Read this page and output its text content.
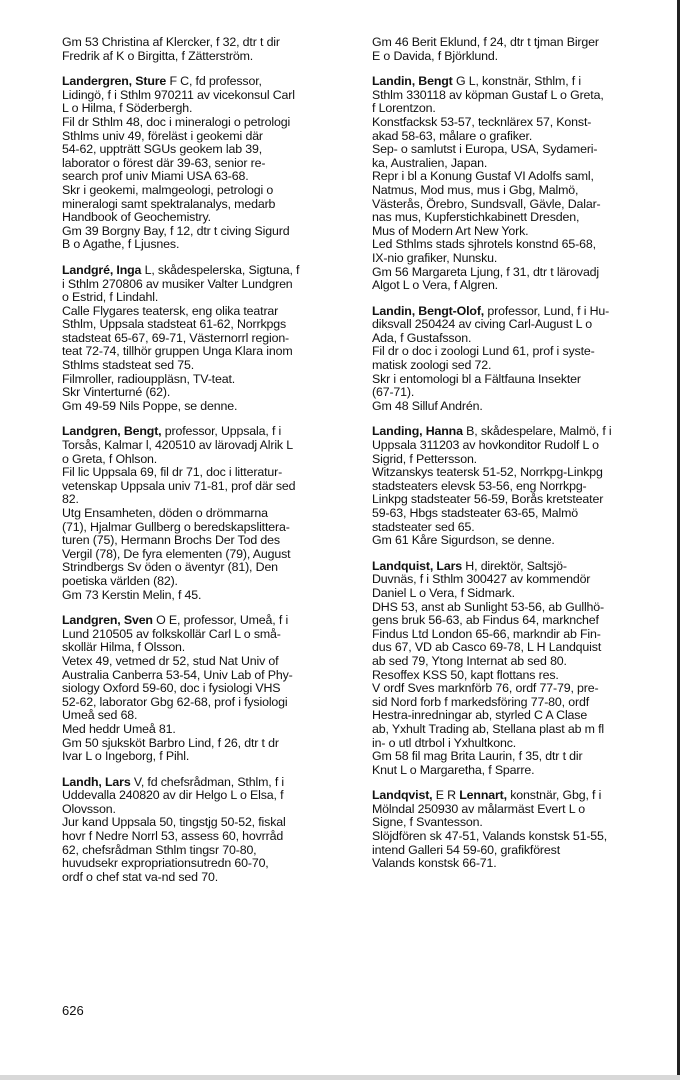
Gm 53 Christina af Klercker, f 32, dtr t dir
Fredrik af K o Birgitta, f Zätterström.
Landergren, Sture F C, fd professor,
Lidingö, f i Sthlm 970211 av vicekonsul Carl
L o Hilma, f Söderbergh.
Fil dr Sthlm 48, doc i mineralogi o petrologi
Sthlms univ 49, föreläst i geokemi där
54-62, uppträtt SGUs geokem lab 39,
laborator o förest där 39-63, senior re-
search prof univ Miami USA 63-68.
Skr i geokemi, malmgeologi, petrologi o
mineralogi samt spektralanalys, medarb
Handbook of Geochemistry.
Gm 39 Borgny Bay, f 12, dtr t civing Sigurd
B o Agathe, f Ljusnes.
Landgré, Inga L, skådespelerska, Sigtuna, f
i Sthlm 270806 av musiker Valter Lundgren
o Estrid, f Lindahl.
Calle Flygares teatersk, eng olika teatrar
Sthlm, Uppsala stadsteat 61-62, Norrkpgs
stadsteat 65-67, 69-71, Västernorrl region-
teat 72-74, tillhör gruppen Unga Klara inom
Sthlms stadsteat sed 75.
Filmroller, radiouppläsn, TV-teat.
Skr Vinterturné (62).
Gm 49-59 Nils Poppe, se denne.
Landgren, Bengt, professor, Uppsala, f i
Torsås, Kalmar l, 420510 av lärovadj Alrik L
o Greta, f Ohlson.
Fil lic Uppsala 69, fil dr 71, doc i litteratur-
vetenskap Uppsala univ 71-81, prof där sed
82.
Utg Ensamheten, döden o drömmarna
(71), Hjalmar Gullberg o beredskapslittera-
turen (75), Hermann Brochs Der Tod des
Vergil (78), De fyra elementen (79), August
Strindbergs Sv öden o äventyr (81), Den
poetiska världen (82).
Gm 73 Kerstin Melin, f 45.
Landgren, Sven O E, professor, Umeå, f i
Lund 210505 av folkskollär Carl L o små-
skollär Hilma, f Olsson.
Vetex 49, vetmed dr 52, stud Nat Univ of
Australia Canberra 53-54, Univ Lab of Phy-
siology Oxford 59-60, doc i fysiologi VHS
52-62, laborator Gbg 62-68, prof i fysiologi
Umeå sed 68.
Med heddr Umeå 81.
Gm 50 sjuksköt Barbro Lind, f 26, dtr t dr
Ivar L o Ingeborg, f Pihl.
Landh, Lars V, fd chefsrådman, Sthlm, f i
Uddevalla 240820 av dir Helgo L o Elsa, f
Olovsson.
Jur kand Uppsala 50, tingstjg 50-52, fiskal
hovr f Nedre Norrl 53, assess 60, hovrråd
62, chefsrådman Sthlm tingsr 70-80,
huvudsekr expropriationsutredn 60-70,
ordf o chef stat va-nd sed 70.
Gm 46 Berit Eklund, f 24, dtr t tjman Birger
E o Davida, f Björklund.
Landin, Bengt G L, konstnär, Sthlm, f i
Sthlm 330118 av köpman Gustaf L o Greta,
f Lorentzon.
Konstfacksk 53-57, tecknlärex 57, Konst-
akad 58-63, målare o grafiker.
Sep- o samlutst i Europa, USA, Sydameri-
ka, Australien, Japan.
Repr i bl a Konung Gustaf VI Adolfs saml,
Natmus, Mod mus, mus i Gbg, Malmö,
Västerås, Örebro, Sundsvall, Gävle, Dalar-
nas mus, Kupferstichkabinett Dresden,
Mus of Modern Art New York.
Led Sthlms stads sjhrotels konstnd 65-68,
IX-nio grafiker, Nunsku.
Gm 56 Margareta Ljung, f 31, dtr t lärovadj
Algot L o Vera, f Algren.
Landin, Bengt-Olof, professor, Lund, f i Hu-
diksvall 250424 av civing Carl-August L o
Ada, f Gustafsson.
Fil dr o doc i zoologi Lund 61, prof i syste-
matisk zoologi sed 72.
Skr i entomologi bl a Fältfauna Insekter
(67-71).
Gm 48 Silluf Andrén.
Landing, Hanna B, skådespelare, Malmö, f i
Uppsala 311203 av hovkonditor Rudolf L o
Sigrid, f Pettersson.
Witzanskys teatersk 51-52, Norrkpg-Linkpg
stadsteaters elevsk 53-56, eng Norrkpg-
Linkpg stadsteater 56-59, Borås kretsteater
59-63, Hbgs stadsteater 63-65, Malmö
stadsteater sed 65.
Gm 61 Kåre Sigurdson, se denne.
Landquist, Lars H, direktör, Saltsjö-
Duvnäs, f i Sthlm 300427 av kommendör
Daniel L o Vera, f Sidmark.
DHS 53, anst ab Sunlight 53-56, ab Gullhö-
gens bruk 56-63, ab Findus 64, marknchef
Findus Ltd London 65-66, markndir ab Fin-
dus 67, VD ab Casco 69-78, L H Landquist
ab sed 79, Ytong Internat ab sed 80.
Resoffex KSS 50, kapt flottans res.
V ordf Sves marknförb 76, ordf 77-79, pre-
sid Nord forb f markedsföring 77-80, ordf
Hestra-inredningar ab, styrled C A Clase
ab, Yxhult Trading ab, Stellana plast ab m fl
in- o utl dtrbol i Yxhultkonc.
Gm 58 fil mag Brita Laurin, f 35, dtr t dir
Knut L o Margaretha, f Sparre.
Landqvist, E R Lennart, konstnär, Gbg, f i
Mölndal 250930 av målarmäst Evert L o
Signe, f Svantesson.
Slöjdfören sk 47-51, Valands konstsk 51-55,
intend Galleri 54 59-60, grafikförest
Valands konstsk 66-71.
626
